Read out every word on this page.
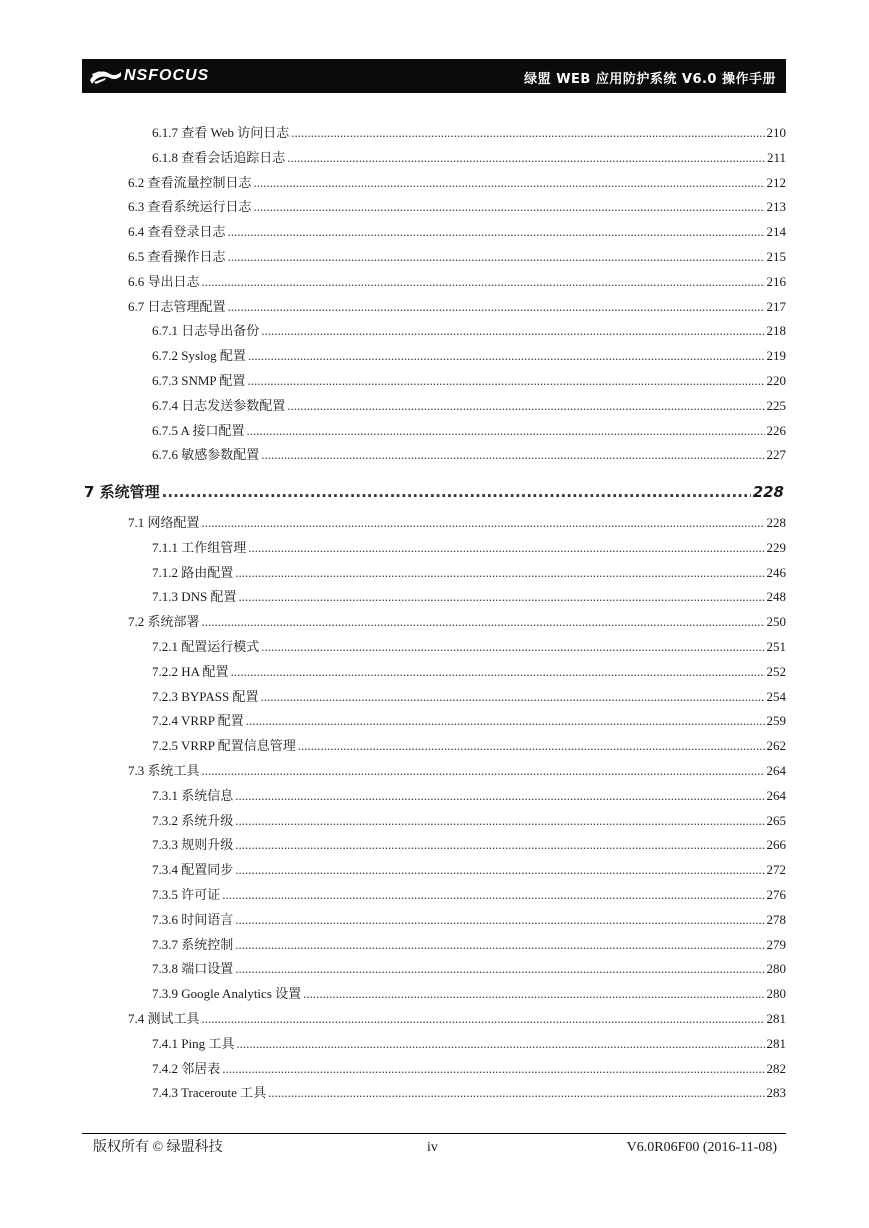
NSFOCUS	绿盟 WEB 应用防护系统 V6.0 操作手册
6.1.7 查看 Web 访问日志 .....	210
6.1.8 查看会话追踪日志 .....	211
6.2 查看流量控制日志 .....	212
6.3 查看系统运行日志 .....	213
6.4 查看登录日志 .....	214
6.5 查看操作日志 .....	215
6.6 导出日志 .....	216
6.7 日志管理配置 .....	217
6.7.1 日志导出备份 .....	218
6.7.2 Syslog 配置 .....	219
6.7.3 SNMP 配置 .....	220
6.7.4 日志发送参数配置 .....	225
6.7.5 A 接口配置 .....	226
6.7.6 敏感参数配置 .....	227
7 系统管理 .....	228
7.1 网络配置 .....	228
7.1.1 工作组管理 .....	229
7.1.2 路由配置 .....	246
7.1.3 DNS 配置 .....	248
7.2 系统部署 .....	250
7.2.1 配置运行模式 .....	251
7.2.2 HA 配置 .....	252
7.2.3 BYPASS 配置 .....	254
7.2.4 VRRP 配置 .....	259
7.2.5 VRRP 配置信息管理 .....	262
7.3 系统工具 .....	264
7.3.1 系统信息 .....	264
7.3.2 系统升级 .....	265
7.3.3 规则升级 .....	266
7.3.4 配置同步 .....	272
7.3.5 许可证 .....	276
7.3.6 时间语言 .....	278
7.3.7 系统控制 .....	279
7.3.8 端口设置 .....	280
7.3.9 Google Analytics 设置 .....	280
7.4 测试工具 .....	281
7.4.1 Ping 工具 .....	281
7.4.2 邻居表 .....	282
7.4.3 Traceroute 工具 .....	283
版权所有 © 绿盟科技	iv	V6.0R06F00 (2016-11-08)
